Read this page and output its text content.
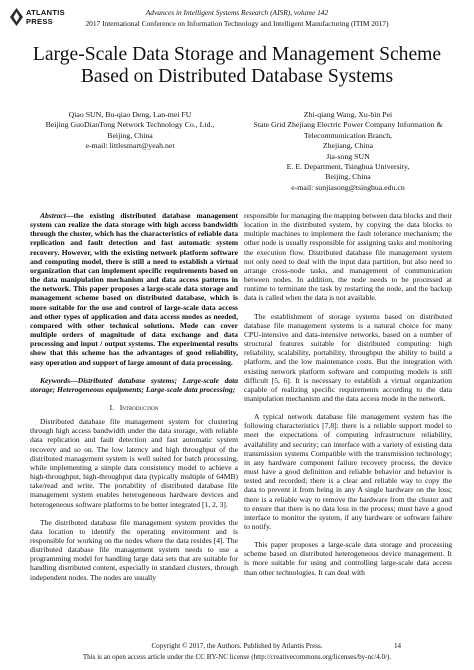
ATLANTIS
PRESS
Advances in Intelligent Systems Research (AISR), volume 142
2017 International Conference on Information Technology and Intelligent Manufacturing (ITIM 2017)
Large-Scale Data Storage and Management Scheme
Based on Distributed Database Systems
Qiao SUN, Bu-qiao Deng, Lan-mei FU
Beijing GuoDianTong Network Technology Co., Ltd.,
Beijing, China
e-mail: littlesmart@yeah.net
Zhi-qiang Wang, Xu-bin Pei
State Grid Zhejiang Electric Power Company Information &
Telecommunication Branch,
Zhejiang, China
Jia-song SUN
E. E. Department, Tsinghua University,
Beijing, China
e-mail: sunjiasong@tsinghua.edu.cn

Abstract—the existing distributed database management system can realize the data storage with high access bandwidth through the cluster, which has the characteristics of reliable data replication and fault detection and fast automatic system recovery. However, with the existing network platform software and computing model, there is still a need to establish a virtual organization that can implement specific requirements based on the data manipulation mechanism and data access patterns in the network. This paper proposes a large-scale data storage and management scheme based on distributed database, which is more suitable for the use and control of large-scale data access and other types of application and data access modes as needed, compared with other technical solutions. Mode can cover multiple orders of magnitude of data exchange and data processing and input / output systems. The experimental results show that this scheme has the advantages of good reliability, easy operation and support of large amount of data processing.

Keywords—Distributed database systems; Large-scale data storage; Heterogeneous equipments; Large-scale data processing;

I. Introduction

Distributed database file management system for clustering through high access bandwidth under the data storage, with reliable data replication and fault detection and fast automatic system recovery and so on. The low latency and high throughput of the distributed management system is well suited for batch processing, while implementing a simple data consistency model to achieve a high-throughput, high-throughput data (typically multiple of 64MB) take/read and write. The portability of distributed database file management system enables heterogeneous hardware devices and heterogeneous software platforms to be better integrated [1, 2, 3].

The distributed database file management system provides the data location to identify the operating environment and is responsible for working on the nodes where the data resides [4]. The distributed database file management system needs to use a programming model for handling large data sets that are suitable for handling distributed content, especially in standard clusters, through independent nodes. The nodes are usually

responsible for managing the mapping between data blocks and their location in the distributed system, by copying the data blocks to multiple machines to implement the fault tolerance mechanism; the other node is usually responsible for assigning tasks and monitoring the execution flow. Distributed database file management system not only need to deal with the input data partition, but also need to arrange cross-node tasks, and management of communication between nodes. In addition, the node needs to be processed at runtime to terminate the task by restarting the node, and the backup data is called when the data is not available.

The establishment of storage systems based on distributed database file management systems is a natural choice for many CPU-intensive and data-intensive networks, based on a number of structural features suitable for distributed computing: high reliability, scalability, portability, throughput the ability to build a platform, and the low maintenance costs. But the integration with existing network platform software and computing models is still difficult [5, 6]. It is necessary to establish a virtual organization capable of realizing specific requirements according to the data manipulation mechanism and the data access mode in the network.

A typical network database file management system has the following characteristics [7,8]: there is a reliable support model to meet the expectations of computing infrastructure reliability, availability and security; can interface with a variety of existing data transmission systems Compatible with the transmission technology; in any hardware component failure recovery process, the device must have a good definition and reliable behavior and behavior is tested and recorded; there is a clear and reliable way to copy the data to prevent it from being in any A single hardware on the loss; there is a reliable way to remove the hardware from the cluster and to ensure that there is no data loss in the process; must have a good interface to monitor the system, if any hardware or software failure to notify.

This paper proposes a large-scale data storage and processing scheme based on distributed heterogeneous device management. It is more suitable for using and controlling large-scale data access than other technologies. It can deal with

Copyright © 2017, the Authors. Published by Atlantis Press.	14
This is an open access article under the CC BY-NC license (http://creativecommons.org/licenses/by-nc/4.0/).
